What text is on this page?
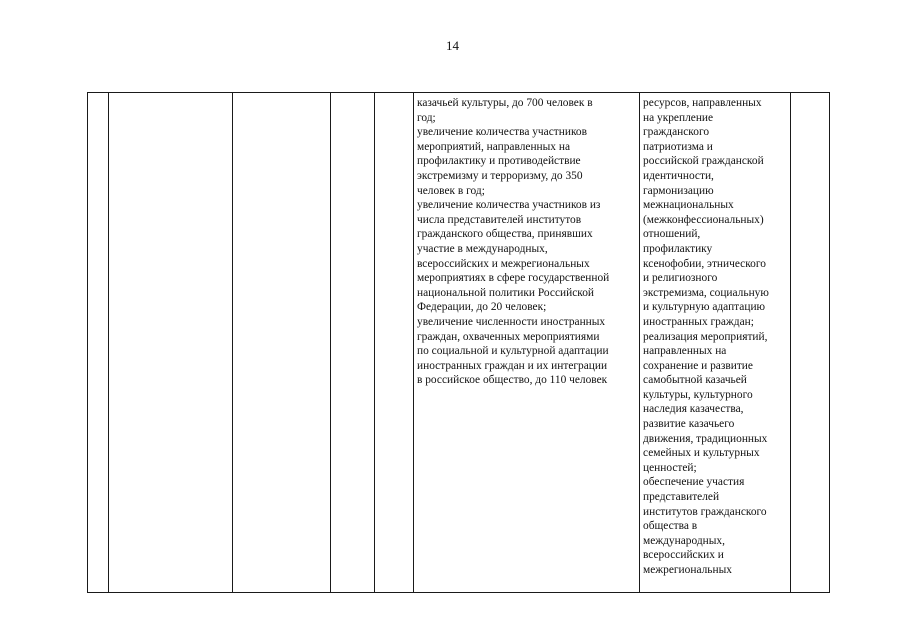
14

казачьей культуры, до 700 человек в
год;
увеличение количества участников
мероприятий, направленных на
профилактику и противодействие
экстремизму и терроризму, до 350
человек в год;
увеличение количества участников из
числа представителей институтов
гражданского общества, принявших
участие в международных,
всероссийских и межрегиональных
мероприятиях в сфере государственной
национальной политики Российской
Федерации, до 20 человек;
увеличение численности иностранных
граждан, охваченных мероприятиями
по социальной и культурной адаптации
иностранных граждан и их интеграции
в российское общество, до 110 человек

ресурсов, направленных
на укрепление
гражданского
патриотизма и
российской гражданской
идентичности,
гармонизацию
межнациональных
(межконфессиональных)
отношений,
профилактику
ксенофобии, этнического
и религиозного
экстремизма, социальную
и культурную адаптацию
иностранных граждан;
реализация мероприятий,
направленных на
сохранение и развитие
самобытной казачьей
культуры, культурного
наследия казачества,
развитие казачьего
движения, традиционных
семейных и культурных
ценностей;
обеспечение участия
представителей
институтов гражданского
общества в
международных,
всероссийских и
межрегиональных
